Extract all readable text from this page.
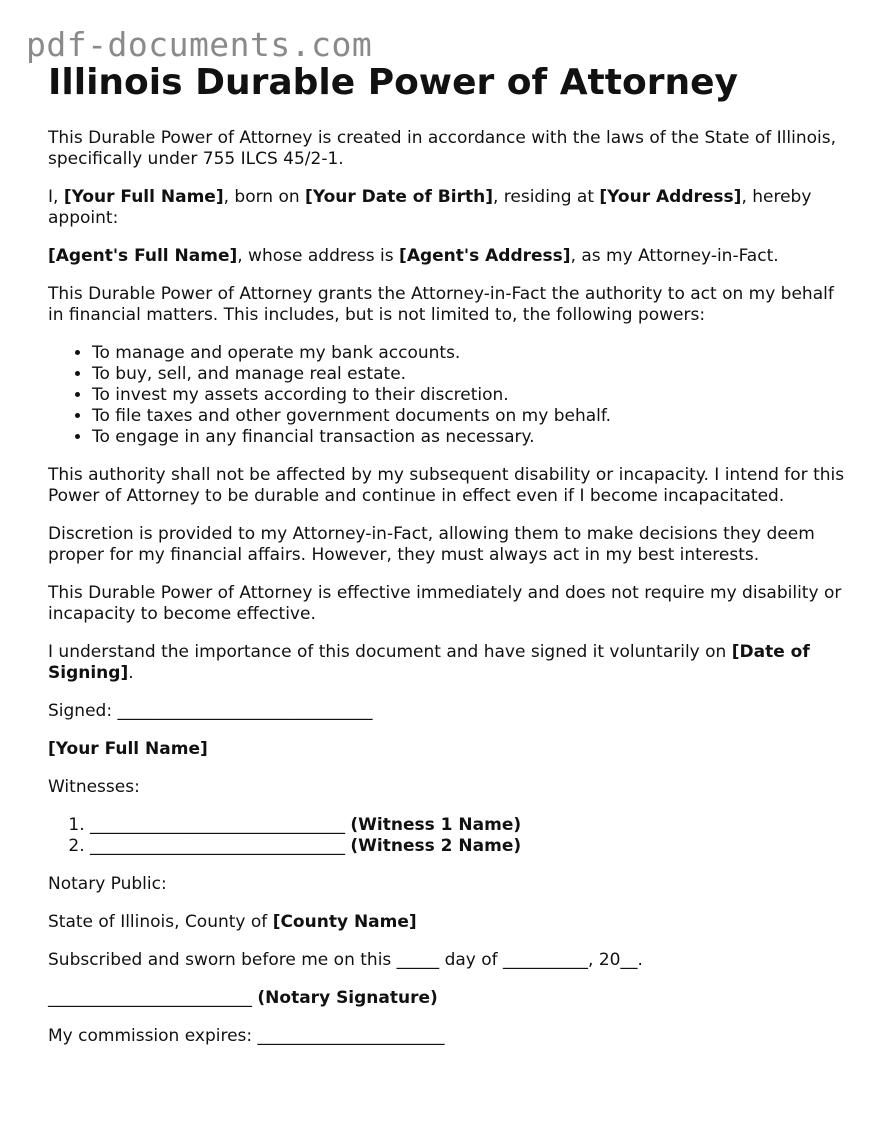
pdf-documents.com
Illinois Durable Power of Attorney

This Durable Power of Attorney is created in accordance with the laws of the State of Illinois, specifically under 755 ILCS 45/2-1.

I, [Your Full Name], born on [Your Date of Birth], residing at [Your Address], hereby appoint:

[Agent's Full Name], whose address is [Agent's Address], as my Attorney-in-Fact.

This Durable Power of Attorney grants the Attorney-in-Fact the authority to act on my behalf in financial matters. This includes, but is not limited to, the following powers:

• To manage and operate my bank accounts.
• To buy, sell, and manage real estate.
• To invest my assets according to their discretion.
• To file taxes and other government documents on my behalf.
• To engage in any financial transaction as necessary.

This authority shall not be affected by my subsequent disability or incapacity. I intend for this Power of Attorney to be durable and continue in effect even if I become incapacitated.

Discretion is provided to my Attorney-in-Fact, allowing them to make decisions they deem proper for my financial affairs. However, they must always act in my best interests.

This Durable Power of Attorney is effective immediately and does not require my disability or incapacity to become effective.

I understand the importance of this document and have signed it voluntarily on [Date of Signing].

Signed: ______________________________

[Your Full Name]

Witnesses:

1. ______________________________ (Witness 1 Name)
2. ______________________________ (Witness 2 Name)

Notary Public:

State of Illinois, County of [County Name]

Subscribed and sworn before me on this _____ day of __________, 20__.

________________________ (Notary Signature)

My commission expires: ______________________
